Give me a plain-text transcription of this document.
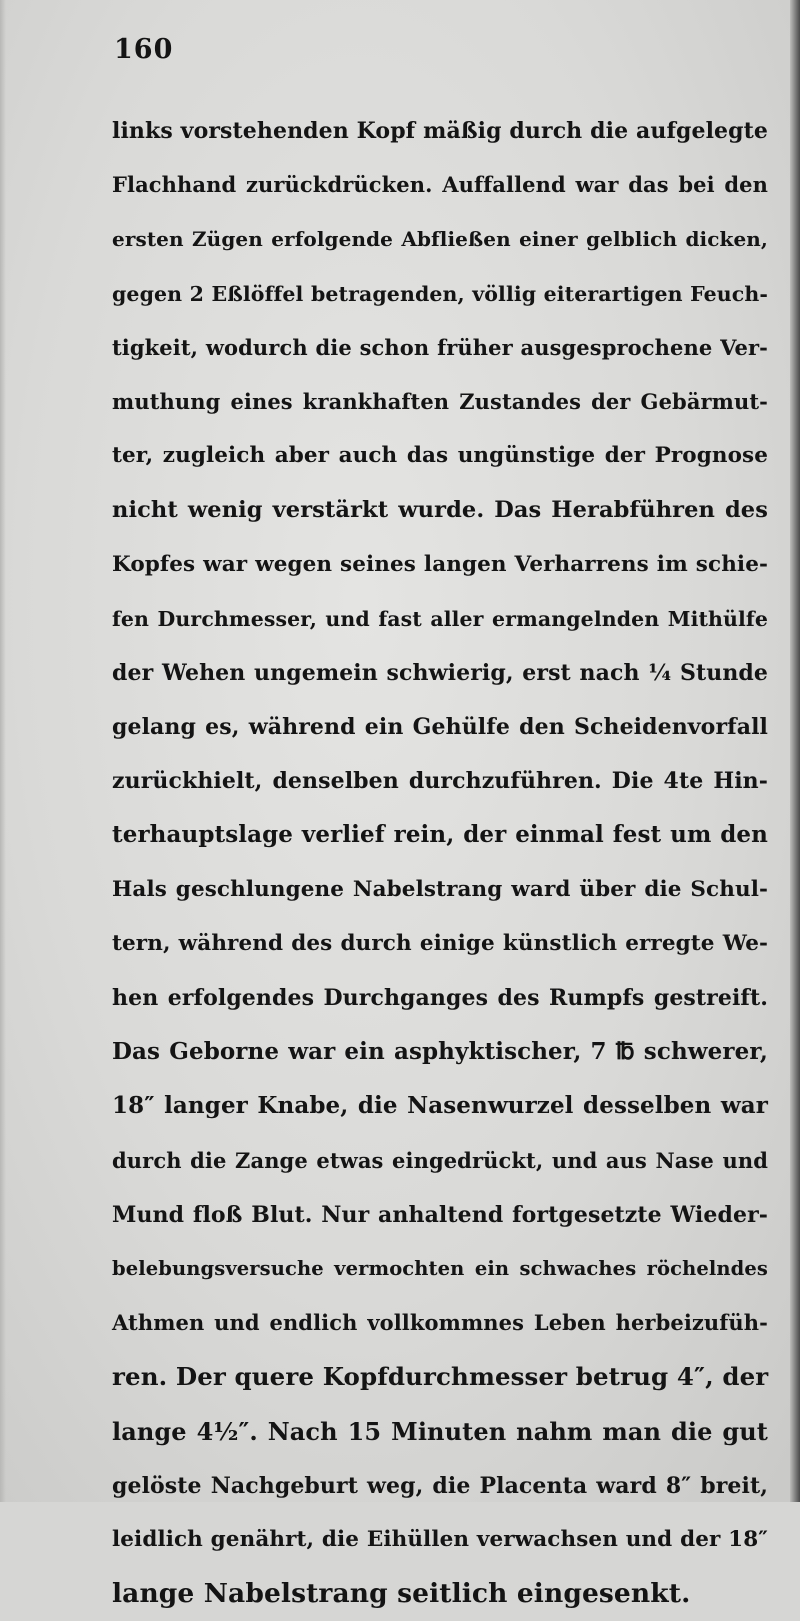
160
links vorstehenden Kopf mäßig durch die aufgelegte
Flachhand zurückdrücken. Auffallend war das bei den
ersten Zügen erfolgende Abfließen einer gelblich dicken,
gegen 2 Eßlöffel betragenden, völlig eiterartigen Feuch-
tigkeit, wodurch die schon früher ausgesprochene Ver-
muthung eines krankhaften Zustandes der Gebärmut-
ter, zugleich aber auch das ungünstige der Prognose
nicht wenig verstärkt wurde. Das Herabführen des
Kopfes war wegen seines langen Verharrens im schie-
fen Durchmesser, und fast aller ermangelnden Mithülfe
der Wehen ungemein schwierig, erst nach ¼ Stunde
gelang es, während ein Gehülfe den Scheidenvorfall
zurückhielt, denselben durchzuführen. Die 4te Hin-
terhauptslage verlief rein, der einmal fest um den
Hals geschlungene Nabelstrang ward über die Schul-
tern, während des durch einige künstlich erregte We-
hen erfolgendes Durchganges des Rumpfs gestreift.
Das Geborne war ein asphyktischer, 7 ℔ schwerer,
18″ langer Knabe, die Nasenwurzel desselben war
durch die Zange etwas eingedrückt, und aus Nase und
Mund floß Blut. Nur anhaltend fortgesetzte Wieder-
belebungsversuche vermochten ein schwaches röchelndes
Athmen und endlich vollkommnes Leben herbeizufüh-
ren. Der quere Kopfdurchmesser betrug 4″, der
lange 4½″. Nach 15 Minuten nahm man die gut
gelöste Nachgeburt weg, die Placenta ward 8″ breit,
leidlich genährt, die Eihüllen verwachsen und der 18″
lange Nabelstrang seitlich eingesenkt.
